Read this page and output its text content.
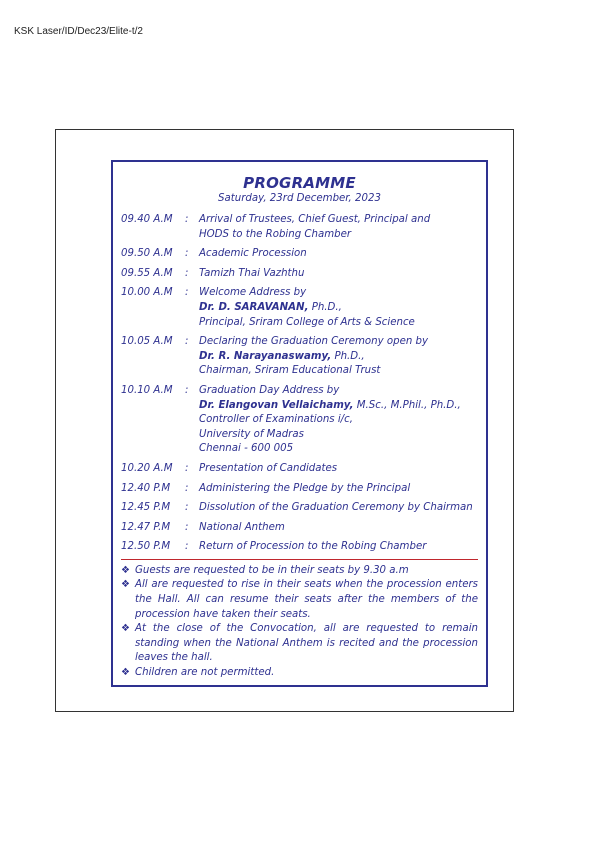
KSK Laser/ID/Dec23/Elite-t/2
PROGRAMME
Saturday, 23rd December, 2023
09.40 A.M	:	Arrival of Trustees, Chief Guest, Principal and
HODS to the Robing Chamber
09.50 A.M	:	Academic Procession
09.55 A.M	:	Tamizh Thai Vazhthu
10.00 A.M	:	Welcome Address by
Dr. D. SARAVANAN, Ph.D.,
Principal, Sriram College of Arts & Science
10.05 A.M	:	Declaring the Graduation Ceremony open by
Dr. R. Narayanaswamy, Ph.D.,
Chairman, Sriram Educational Trust
10.10 A.M	:	Graduation Day Address by
Dr. Elangovan Vellaichamy, M.Sc., M.Phil., Ph.D.,
Controller of Examinations i/c,
University of Madras
Chennai - 600 005
10.20 A.M	:	Presentation of Candidates
12.40 P.M	:	Administering the Pledge by the Principal
12.45 P.M	:	Dissolution of the Graduation Ceremony by Chairman
12.47 P.M	:	National Anthem
12.50 P.M	:	Return of Procession to the Robing Chamber
❖ Guests are requested to be in their seats by 9.30 a.m
❖ All are requested to rise in their seats when the procession enters the Hall. All can resume their seats after the members of the procession have taken their seats.
❖ At the close of the Convocation, all are requested to remain standing when the National Anthem is recited and the procession leaves the hall.
❖ Children are not permitted.
